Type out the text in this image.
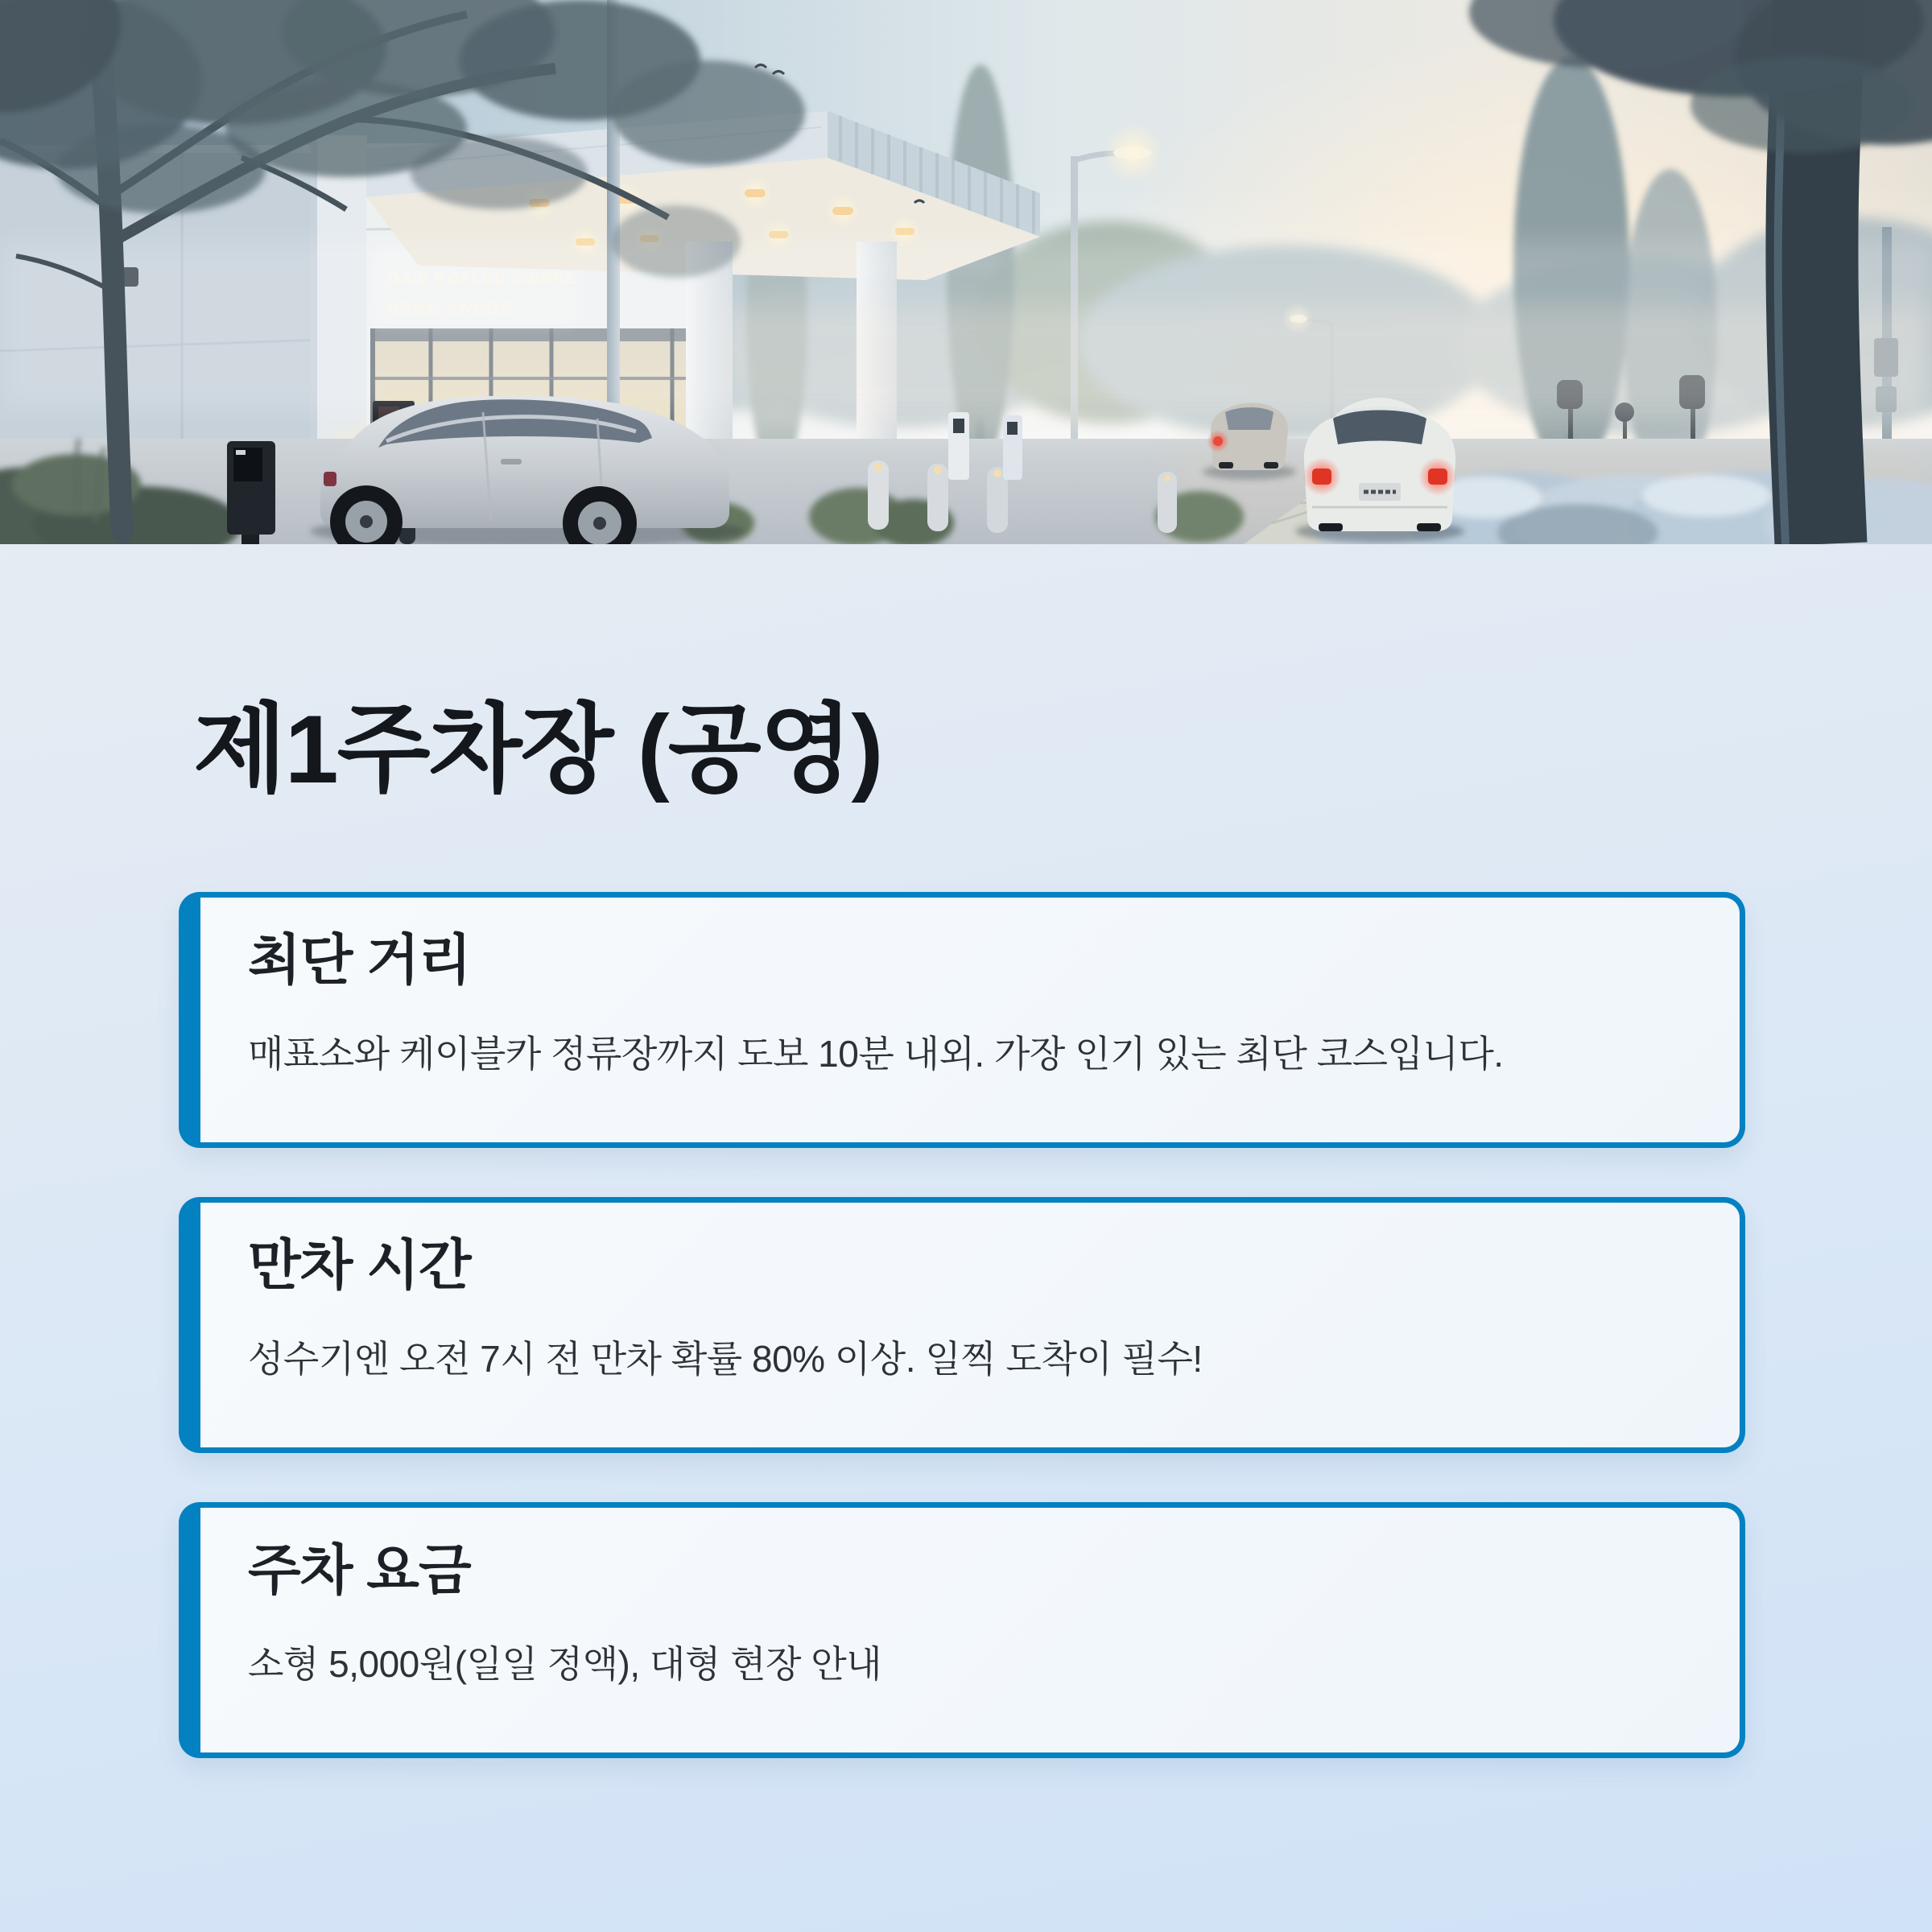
DAIE ROELDN SIBRKE
SBNE SWEBE
제1주차장 (공영)
최단 거리

매표소와 케이블카 정류장까지 도보 10분 내외. 가장 인기 있는 최단 코스입니다.

만차 시간

성수기엔 오전 7시 전 만차 확률 80% 이상. 일찍 도착이 필수!

주차 요금

소형 5,000원(일일 정액), 대형 현장 안내
